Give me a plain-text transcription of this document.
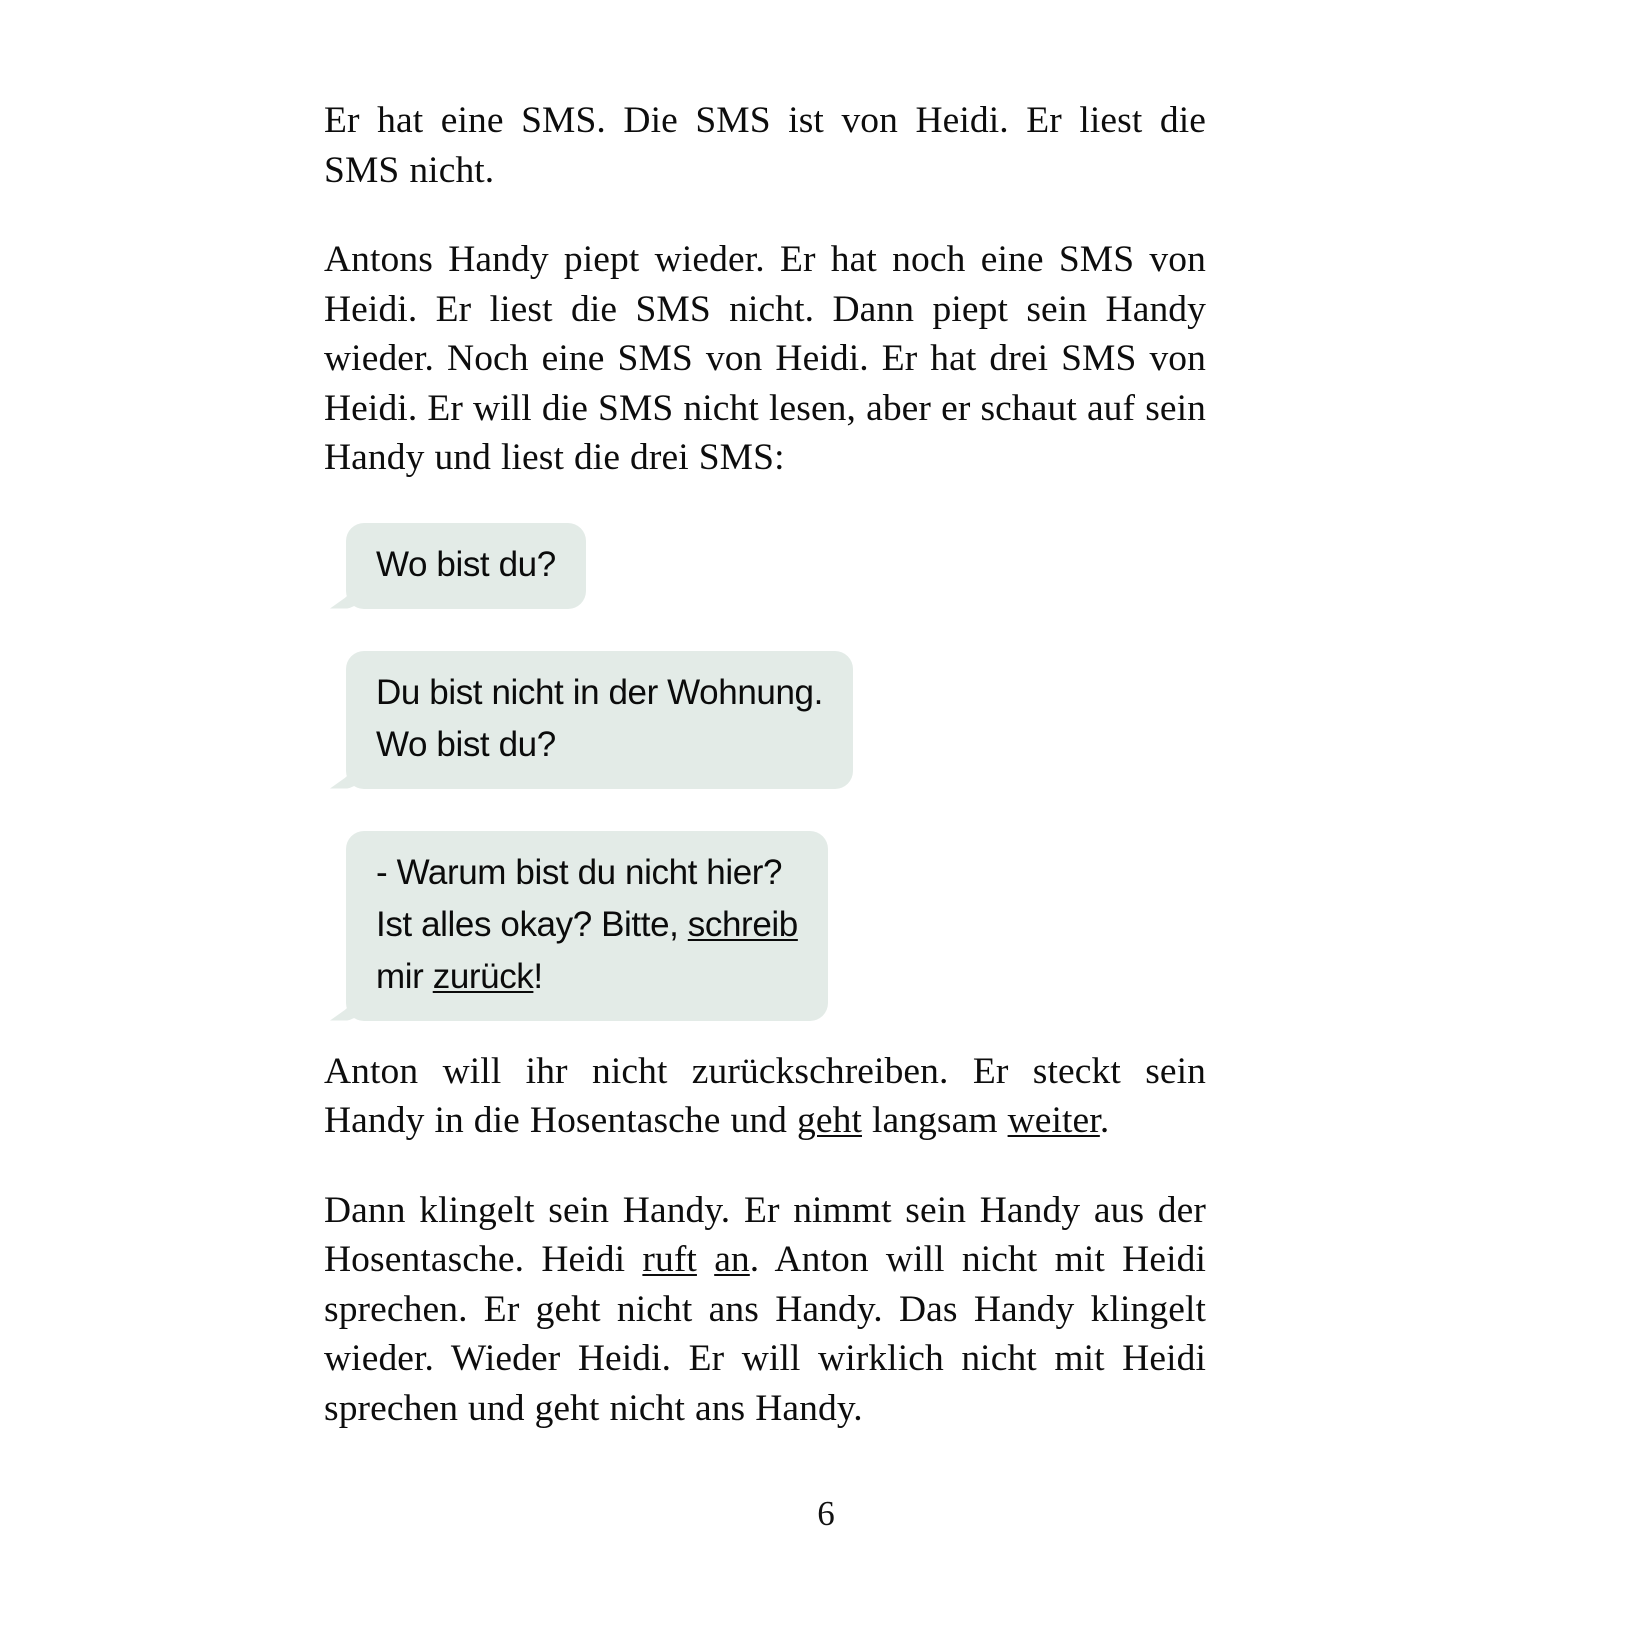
Er hat eine SMS. Die SMS ist von Heidi. Er liest die SMS nicht.

Antons Handy piept wieder. Er hat noch eine SMS von Heidi. Er liest die SMS nicht. Dann piept sein Handy wieder. Noch eine SMS von Heidi. Er hat drei SMS von Heidi. Er will die SMS nicht lesen, aber er schaut auf sein Handy und liest die drei SMS:

Wo bist du?
Du bist nicht in der Wohnung.
Wo bist du?
- Warum bist du nicht hier?
Ist alles okay? Bitte, schreib
mir zurück!

Anton will ihr nicht zurückschreiben. Er steckt sein Handy in die Hosentasche und geht langsam weiter.

Dann klingelt sein Handy. Er nimmt sein Handy aus der Hosentasche. Heidi ruft an. Anton will nicht mit Heidi sprechen. Er geht nicht ans Handy. Das Handy klingelt wieder. Wieder Heidi. Er will wirklich nicht mit Heidi sprechen und geht nicht ans Handy.

6
